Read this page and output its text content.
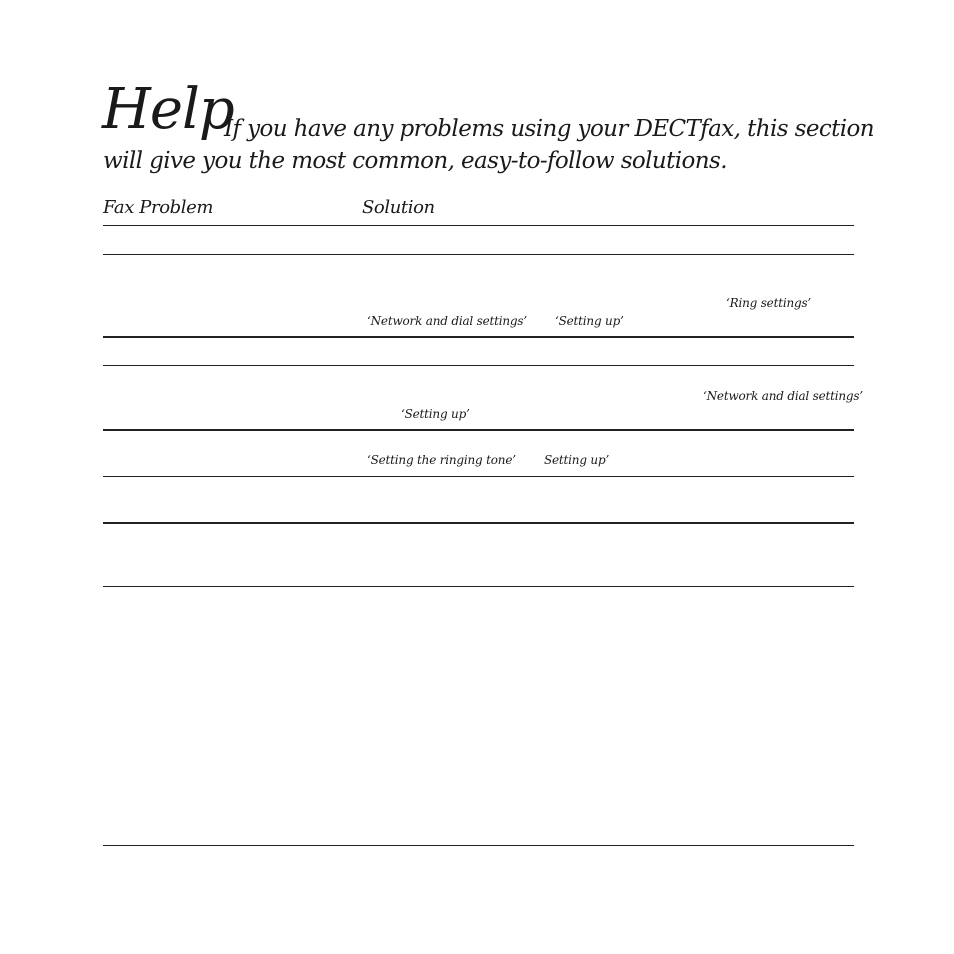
Help
If you have any problems using your DECTfax, this section
will give you the most common, easy-to-follow solutions.
Fax Problem	Solution
‘Ring settings’
‘Network and dial settings’ ‘Setting up’
‘Network and dial settings’
‘Setting up’
‘Setting the ringing tone’ Setting up’
